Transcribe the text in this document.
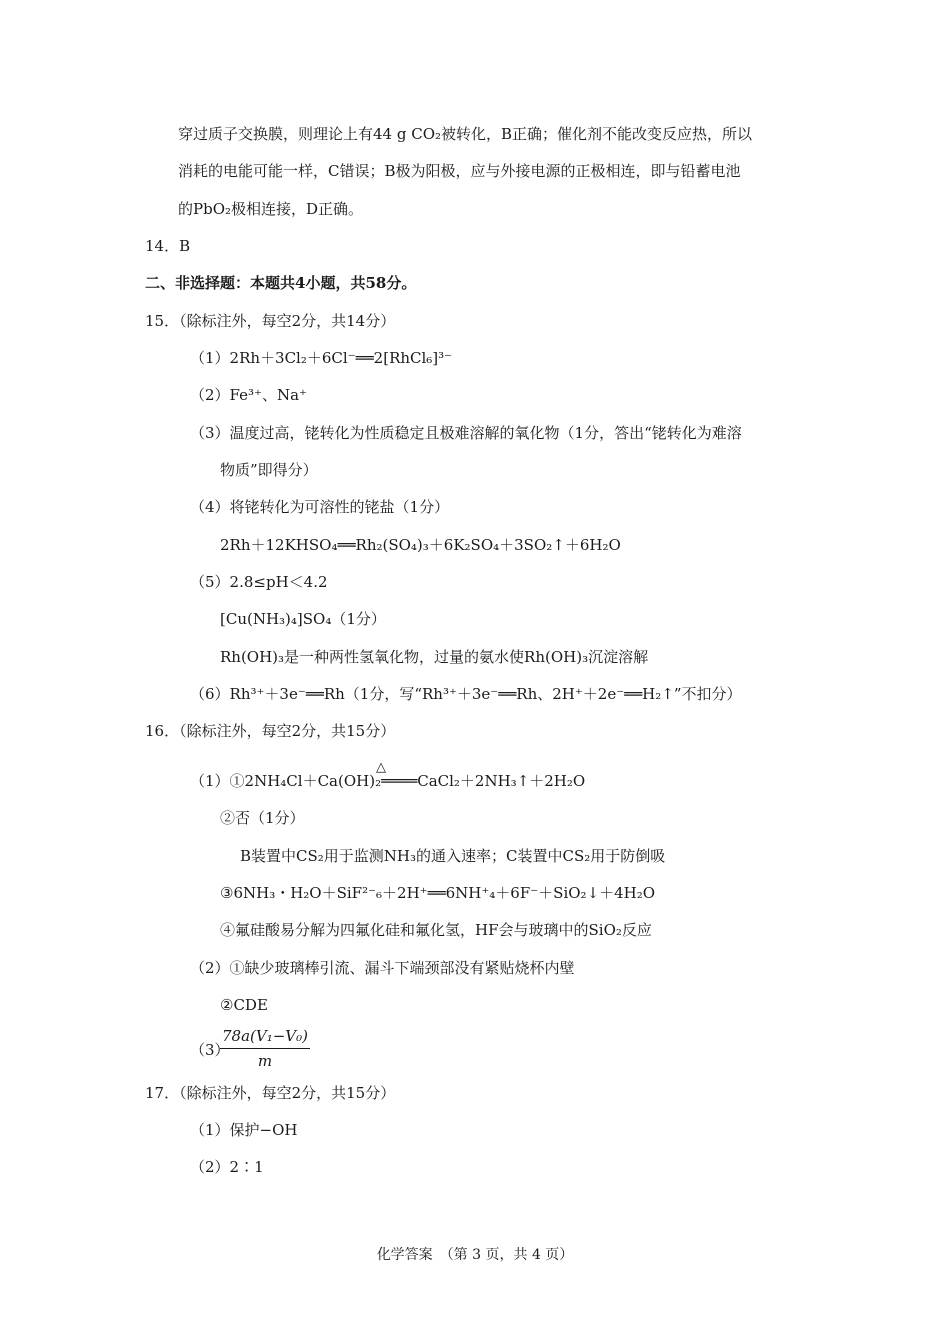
穿过质子交换膜，则理论上有44 g CO₂被转化，B正确；催化剂不能改变反应热，所以
消耗的电能可能一样，C错误；B极为阳极，应与外接电源的正极相连，即与铅蓄电池
的PbO₂极相连接，D正确。
14．B
二、非选择题：本题共4小题，共58分。
15．（除标注外，每空2分，共14分）
（1）2Rh＋3Cl₂＋6Cl⁻══2[RhCl₆]³⁻
（2）Fe³⁺、Na⁺
（3）温度过高，铑转化为性质稳定且极难溶解的氧化物（1分，答出“铑转化为难溶
物质”即得分）
（4）将铑转化为可溶性的铑盐（1分）
2Rh＋12KHSO₄══Rh₂(SO₄)₃＋6K₂SO₄＋3SO₂↑＋6H₂O
（5）2.8≤pH＜4.2
[Cu(NH₃)₄]SO₄（1分）
Rh(OH)₃是一种两性氢氧化物，过量的氨水使Rh(OH)₃沉淀溶解
（6）Rh³⁺＋3e⁻══Rh（1分，写“Rh³⁺＋3e⁻══Rh、2H⁺＋2e⁻══H₂↑”不扣分）
16．（除标注外，每空2分，共15分）
△
（1）①2NH₄Cl＋Ca(OH)₂════CaCl₂＋2NH₃↑＋2H₂O
②否（1分）
B装置中CS₂用于监测NH₃的通入速率；C装置中CS₂用于防倒吸
③6NH₃・H₂O＋SiF²⁻₆＋2H⁺══6NH⁺₄＋6F⁻＋SiO₂↓＋4H₂O
④氟硅酸易分解为四氟化硅和氟化氢，HF会与玻璃中的SiO₂反应
（2）①缺少玻璃棒引流、漏斗下端颈部没有紧贴烧杯内壁
②CDE
（3）
$\frac{\text{78a(V₁−V₀)}}{m}$
17．（除标注外，每空2分，共15分）
（1）保护−OH
（2）2∶1
化学答案　（第 3 页，共 4 页）
